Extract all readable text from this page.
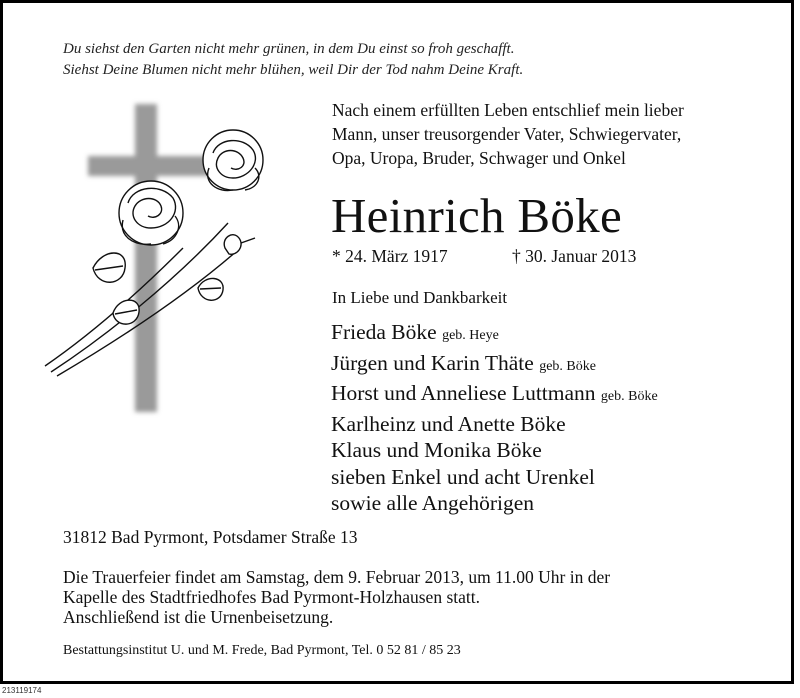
Du siehst den Garten nicht mehr grünen, in dem Du einst so froh geschafft.
Siehst Deine Blumen nicht mehr blühen, weil Dir der Tod nahm Deine Kraft.
Nach einem erfüllten Leben entschlief mein lieber
Mann, unser treusorgender Vater, Schwiegervater,
Opa, Uropa, Bruder, Schwager und Onkel
Heinrich Böke
* 24. März 1917	† 30. Januar 2013
In Liebe und Dankbarkeit
Frieda Böke geb. Heye
Jürgen und Karin Thäte geb. Böke
Horst und Anneliese Luttmann geb. Böke
Karlheinz und Anette Böke
Klaus und Monika Böke
sieben Enkel und acht Urenkel
sowie alle Angehörigen
31812 Bad Pyrmont, Potsdamer Straße 13
Die Trauerfeier findet am Samstag, dem 9. Februar 2013, um 11.00 Uhr in der
Kapelle des Stadtfriedhofes Bad Pyrmont-Holzhausen statt.
Anschließend ist die Urnenbeisetzung.
Bestattungsinstitut U. und M. Frede, Bad Pyrmont, Tel. 0 52 81 / 85 23
213119174
